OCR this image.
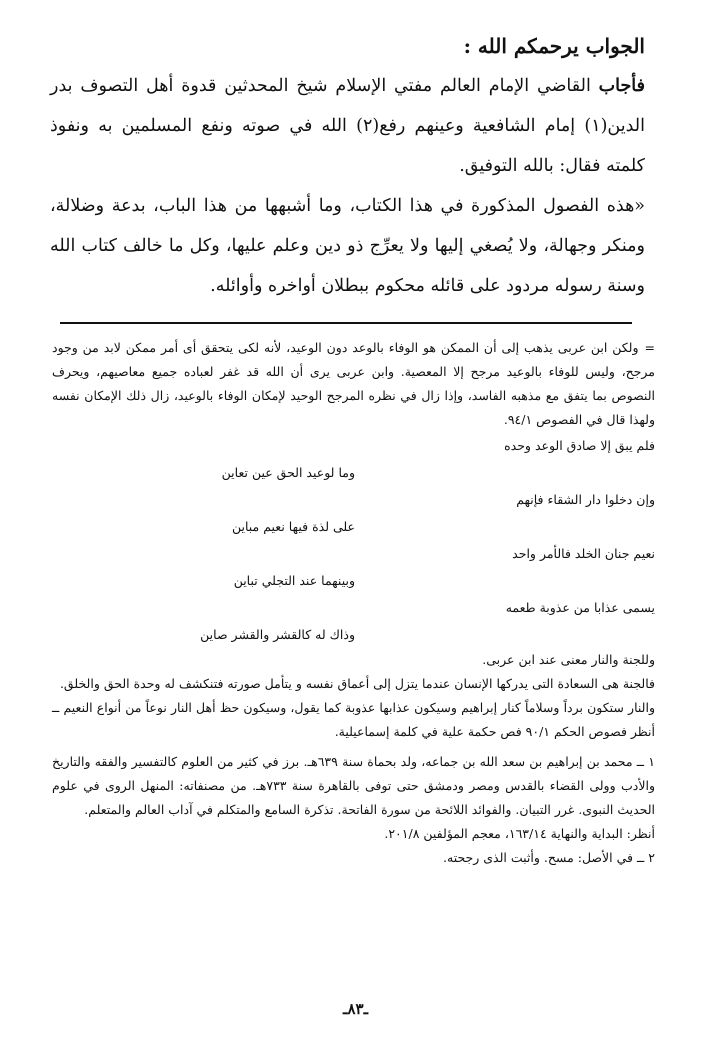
الجواب يرحمكم الله :

فأجاب القاضي الإمام العالم مفتي الإسلام شيخ المحدثين قدوة أهل التصوف بدر الدين(١) إمام الشافعية وعينهم رفع(٢) الله في صوته ونفع المسلمين به ونفوذ كلمته فقال: بالله التوفيق.

«هذه الفصول المذكورة في هذا الكتاب، وما أشبهها من هذا الباب، بدعة وضلالة، ومنكر وجهالة، ولا يُصغي إليها ولا يعرِّج ذو دين وعلم عليها، وكل ما خالف كتاب الله وسنة رسوله مردود على قائله محكوم ببطلان أواخره وأوائله.

=
ولكن ابن عربى يذهب إلى أن الممكن هو الوفاء بالوعد دون الوعيد، لأنه لكى يتحقق أى أمر ممكن لابد من وجود مرجح، وليس للوفاء بالوعيد مرجح إلا المعصية. وابن عربى يرى أن الله قد غفر لعباده جميع معاصيهم، ويحرف النصوص بما يتفق مع مذهبه الفاسد، وإذا زال في نظره المرجح الوحيد لإمكان الوفاء بالوعيد، زال ذلك الإمكان نفسه ولهذا قال في الفصوص ٩٤/١.

فلم يبق إلا صادق الوعد وحده
وما لوعيد الحق عين تعاين
وإن دخلوا دار الشقاء فإنهم
على لذة فيها نعيم مباين
نعيم جنان الخلد فالأمر واحد
وبينهما عند التجلي تباين
يسمى عذابا من عذوبة طعمه
وذاك له كالقشر والقشر صاين

وللجنة والنار معنى عند ابن عربى.

فالجنة هى السعادة التى يدركها الإنسان عندما يتزل إلى أعماق نفسه و يتأمل صورته فتنكشف له وحدة الحق والخلق.

والنار ستكون برداً وسلاماً كنار إبراهيم وسيكون عذابها عذوبة كما يقول، وسيكون حظ أهل النار نوعاً من أنواع النعيم ــ أنظر فصوص الحكم ٩٠/١ فص حكمة علية في كلمة إسماعيلية.

١ ــ محمد بن إبراهيم بن سعد الله بن جماعه، ولد بحماة سنة ٦٣٩هـ. برز في كثير من العلوم كالتفسير والفقه والتاريخ والأدب وولى القضاء بالقدس ومصر ودمشق حتى توفى بالقاهرة سنة ٧٣٣هـ. من مصنفاته: المنهل الروى في علوم الحديث النبوى. غرر التبيان. والفوائد اللائحة من سورة الفاتحة. تذكرة السامع والمتكلم في آداب العالم والمتعلم.

أنظر: البداية والنهاية ١٦٣/١٤، معجم المؤلفين ٢٠١/٨.

٢ ــ في الأصل: مسح. وأثبت الذى رجحته.

ـ٨٣ـ
